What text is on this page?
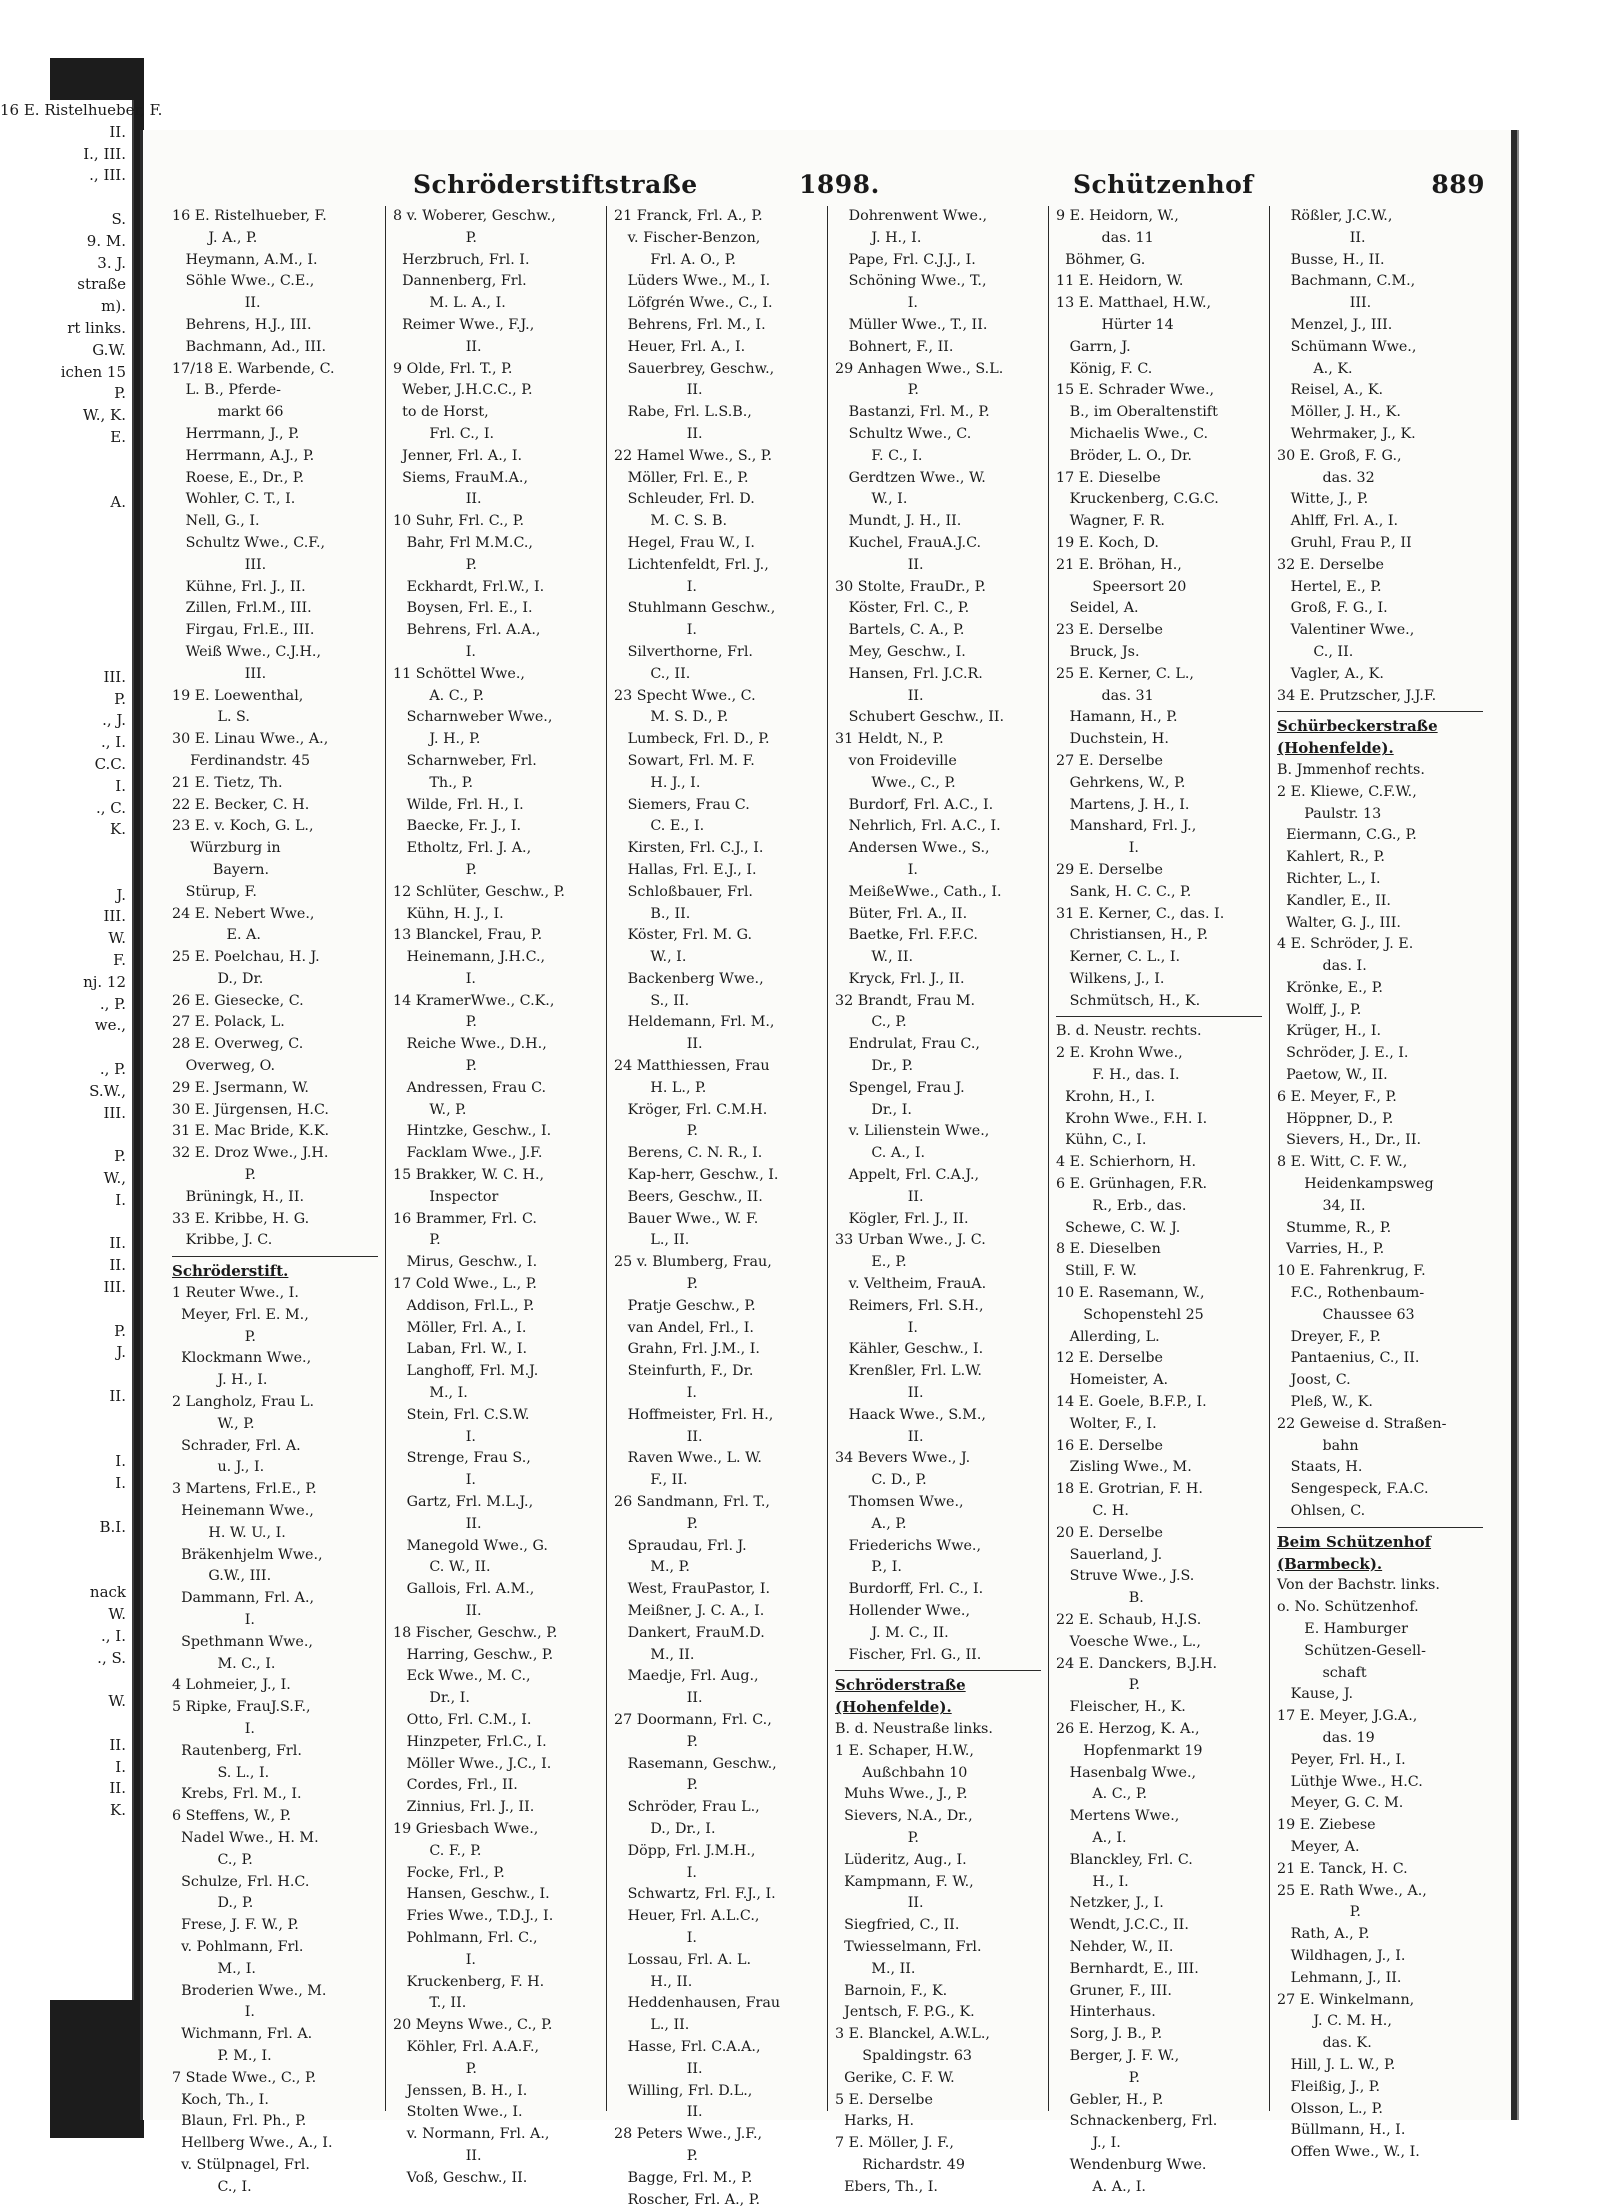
16 E. Ristelhueber, F.
II.
I., III.
., III.

S.
9. M.
3. J.
straße
m).
rt links.
G.W.
ichen 15
P.
W., K.
E.

A.

III.
P.
., J.
., I.
C.C.
I.
., C.
K.

J.
III.
W.
F.
nj. 12
., P.
we.,

., P.
S.W.,
III.

P.
W.,
I.

II.
II.
III.

P.
J.

II.

I.
I.

B.I.

nack
W.
., I.
., S.

W.

II.
I.
II.
K.
Schröderstiftstraße	1898.	Schützenhof	889
16 E. Ristelhueber, F.
J. A., P.
Heymann, A.M., I.
Söhle Wwe., C.E.,
II.
Behrens, H.J., III.
Bachmann, Ad., III.
17/18 E. Warbende, C.
L. B., Pferde-
markt 66
Herrmann, J., P.
Herrmann, A.J., P.
Roese, E., Dr., P.
Wohler, C. T., I.
Nell, G., I.
Schultz Wwe., C.F.,
III.
Kühne, Frl. J., II.
Zillen, Frl.M., III.
Firgau, Frl.E., III.
Weiß Wwe., C.J.H.,
III.
19 E. Loewenthal,
L. S.
30 E. Linau Wwe., A.,
Ferdinandstr. 45
21 E. Tietz, Th.
22 E. Becker, C. H.
23 E. v. Koch, G. L.,
Würzburg in
Bayern.
Stürup, F.
24 E. Nebert Wwe.,
E. A.
25 E. Poelchau, H. J.
D., Dr.
26 E. Giesecke, C.
27 E. Polack, L.
28 E. Overweg, C.
Overweg, O.
29 E. Jsermann, W.
30 E. Jürgensen, H.C.
31 E. Mac Bride, K.K.
32 E. Droz Wwe., J.H.
P.
Brüningk, H., II.
33 E. Kribbe, H. G.
Kribbe, J. C.
Schröderstift.
1 Reuter Wwe., I.
Meyer, Frl. E. M.,
P.
Klockmann Wwe.,
J. H., I.
2 Langholz, Frau L.
W., P.
Schrader, Frl. A.
u. J., I.
3 Martens, Frl.E., P.
Heinemann Wwe.,
H. W. U., I.
Bräkenhjelm Wwe.,
G.W., III.
Dammann, Frl. A.,
I.
Spethmann Wwe.,
M. C., I.
4 Lohmeier, J., I.
5 Ripke, FrauJ.S.F.,
I.
Rautenberg, Frl.
S. L., I.
Krebs, Frl. M., I.
6 Steffens, W., P.
Nadel Wwe., H. M.
C., P.
Schulze, Frl. H.C.
D., P.
Frese, J. F. W., P.
v. Pohlmann, Frl.
M., I.
Broderien Wwe., M.
I.
Wichmann, Frl. A.
P. M., I.
7 Stade Wwe., C., P.
Koch, Th., I.
Blaun, Frl. Ph., P.
Hellberg Wwe., A., I.
v. Stülpnagel, Frl.
C., I.
8 v. Woberer, Geschw.,
P.
Herzbruch, Frl. I.
Dannenberg, Frl.
M. L. A., I.
Reimer Wwe., F.J.,
II.
9 Olde, Frl. T., P.
Weber, J.H.C.C., P.
to de Horst,
Frl. C., I.
Jenner, Frl. A., I.
Siems, FrauM.A.,
II.
10 Suhr, Frl. C., P.
Bahr, Frl M.M.C.,
P.
Eckhardt, Frl.W., I.
Boysen, Frl. E., I.
Behrens, Frl. A.A.,
I.
11 Schöttel Wwe.,
A. C., P.
Scharnweber Wwe.,
J. H., P.
Scharnweber, Frl.
Th., P.
Wilde, Frl. H., I.
Baecke, Fr. J., I.
Etholtz, Frl. J. A.,
P.
12 Schlüter, Geschw., P.
Kühn, H. J., I.
13 Blanckel, Frau, P.
Heinemann, J.H.C.,
I.
14 KramerWwe., C.K.,
P.
Reiche Wwe., D.H.,
P.
Andressen, Frau C.
W., P.
Hintzke, Geschw., I.
Facklam Wwe., J.F.
15 Brakker, W. C. H.,
Inspector
16 Brammer, Frl. C.
P.
Mirus, Geschw., I.
17 Cold Wwe., L., P.
Addison, Frl.L., P.
Möller, Frl. A., I.
Laban, Frl. W., I.
Langhoff, Frl. M.J.
M., I.
Stein, Frl. C.S.W.
I.
Strenge, Frau S.,
I.
Gartz, Frl. M.L.J.,
II.
Manegold Wwe., G.
C. W., II.
Gallois, Frl. A.M.,
II.
18 Fischer, Geschw., P.
Harring, Geschw., P.
Eck Wwe., M. C.,
Dr., I.
Otto, Frl. C.M., I.
Hinzpeter, Frl.C., I.
Möller Wwe., J.C., I.
Cordes, Frl., II.
Zinnius, Frl. J., II.
19 Griesbach Wwe.,
C. F., P.
Focke, Frl., P.
Hansen, Geschw., I.
Fries Wwe., T.D.J., I.
Pohlmann, Frl. C.,
I.
Kruckenberg, F. H.
T., II.
20 Meyns Wwe., C., P.
Köhler, Frl. A.A.F.,
P.
Jenssen, B. H., I.
Stolten Wwe., I.
v. Normann, Frl. A.,
II.
Voß, Geschw., II.
21 Franck, Frl. A., P.
v. Fischer-Benzon,
Frl. A. O., P.
Lüders Wwe., M., I.
Löfgrén Wwe., C., I.
Behrens, Frl. M., I.
Heuer, Frl. A., I.
Sauerbrey, Geschw.,
II.
Rabe, Frl. L.S.B.,
II.
22 Hamel Wwe., S., P.
Möller, Frl. E., P.
Schleuder, Frl. D.
M. C. S. B.
Hegel, Frau W., I.
Lichtenfeldt, Frl. J.,
I.
Stuhlmann Geschw.,
I.
Silverthorne, Frl.
C., II.
23 Specht Wwe., C.
M. S. D., P.
Lumbeck, Frl. D., P.
Sowart, Frl. M. F.
H. J., I.
Siemers, Frau C.
C. E., I.
Kirsten, Frl. C.J., I.
Hallas, Frl. E.J., I.
Schloßbauer, Frl.
B., II.
Köster, Frl. M. G.
W., I.
Backenberg Wwe.,
S., II.
Heldemann, Frl. M.,
II.
24 Matthiessen, Frau
H. L., P.
Kröger, Frl. C.M.H.
P.
Berens, C. N. R., I.
Kap-herr, Geschw., I.
Beers, Geschw., II.
Bauer Wwe., W. F.
L., II.
25 v. Blumberg, Frau,
P.
Pratje Geschw., P.
van Andel, Frl., I.
Grahn, Frl. J.M., I.
Steinfurth, F., Dr.
I.
Hoffmeister, Frl. H.,
II.
Raven Wwe., L. W.
F., II.
26 Sandmann, Frl. T.,
P.
Spraudau, Frl. J.
M., P.
West, FrauPastor, I.
Meißner, J. C. A., I.
Dankert, FrauM.D.
M., II.
Maedje, Frl. Aug.,
II.
27 Doormann, Frl. C.,
P.
Rasemann, Geschw.,
P.
Schröder, Frau L.,
D., Dr., I.
Döpp, Frl. J.M.H.,
I.
Schwartz, Frl. F.J., I.
Heuer, Frl. A.L.C.,
I.
Lossau, Frl. A. L.
H., II.
Heddenhausen, Frau
L., II.
Hasse, Frl. C.A.A.,
II.
Willing, Frl. D.L.,
II.
28 Peters Wwe., J.F.,
P.
Bagge, Frl. M., P.
Roscher, Frl. A., P.
Dohrenwent Wwe.,
J. H., I.
Pape, Frl. C.J.J., I.
Schöning Wwe., T.,
I.
Müller Wwe., T., II.
Bohnert, F., II.
29 Anhagen Wwe., S.L.
P.
Bastanzi, Frl. M., P.
Schultz Wwe., C.
F. C., I.
Gerdtzen Wwe., W.
W., I.
Mundt, J. H., II.
Kuchel, FrauA.J.C.
II.
30 Stolte, FrauDr., P.
Köster, Frl. C., P.
Bartels, C. A., P.
Mey, Geschw., I.
Hansen, Frl. J.C.R.
II.
Schubert Geschw., II.
31 Heldt, N., P.
von Froideville
Wwe., C., P.
Burdorf, Frl. A.C., I.
Nehrlich, Frl. A.C., I.
Andersen Wwe., S.,
I.
MeißeWwe., Cath., I.
Büter, Frl. A., II.
Baetke, Frl. F.F.C.
W., II.
Kryck, Frl. J., II.
32 Brandt, Frau M.
C., P.
Endrulat, Frau C.,
Dr., P.
Spengel, Frau J.
Dr., I.
v. Lilienstein Wwe.,
C. A., I.
Appelt, Frl. C.A.J.,
II.
Kögler, Frl. J., II.
33 Urban Wwe., J. C.
E., P.
v. Veltheim, FrauA.
Reimers, Frl. S.H.,
I.
Kähler, Geschw., I.
Krenßler, Frl. L.W.
II.
Haack Wwe., S.M.,
II.
34 Bevers Wwe., J.
C. D., P.
Thomsen Wwe.,
A., P.
Friederichs Wwe.,
P., I.
Burdorff, Frl. C., I.
Hollender Wwe.,
J. M. C., II.
Fischer, Frl. G., II.
Schröderstraße
(Hohenfelde).
B. d. Neustraße links.
1 E. Schaper, H.W.,
Außchbahn 10
Muhs Wwe., J., P.
Sievers, N.A., Dr.,
P.
Lüderitz, Aug., I.
Kampmann, F. W.,
II.
Siegfried, C., II.
Twiesselmann, Frl.
M., II.
Barnoin, F., K.
Jentsch, F. P.G., K.
3 E. Blanckel, A.W.L.,
Spaldingstr. 63
Gerike, C. F. W.
5 E. Derselbe
Harks, H.
7 E. Möller, J. F.,
Richardstr. 49
Ebers, Th., I.
9 E. Heidorn, W.,
das. 11
Böhmer, G.
11 E. Heidorn, W.
13 E. Matthael, H.W.,
Hürter 14
Garrn, J.
König, F. C.
15 E. Schrader Wwe.,
B., im Oberaltenstift
Michaelis Wwe., C.
Bröder, L. O., Dr.
17 E. Dieselbe
Kruckenberg, C.G.C.
Wagner, F. R.
19 E. Koch, D.
21 E. Bröhan, H.,
Speersort 20
Seidel, A.
23 E. Derselbe
Bruck, Js.
25 E. Kerner, C. L.,
das. 31
Hamann, H., P.
Duchstein, H.
27 E. Derselbe
Gehrkens, W., P.
Martens, J. H., I.
Manshard, Frl. J.,
I.
29 E. Derselbe
Sank, H. C. C., P.
31 E. Kerner, C., das. I.
Christiansen, H., P.
Kerner, C. L., I.
Wilkens, J., I.
Schmütsch, H., K.
B. d. Neustr. rechts.
2 E. Krohn Wwe.,
F. H., das. I.
Krohn, H., I.
Krohn Wwe., F.H. I.
Kühn, C., I.
4 E. Schierhorn, H.
6 E. Grünhagen, F.R.
R., Erb., das.
Schewe, C. W. J.
8 E. Dieselben
Still, F. W.
10 E. Rasemann, W.,
Schopenstehl 25
Allerding, L.
12 E. Derselbe
Homeister, A.
14 E. Goele, B.F.P., I.
Wolter, F., I.
16 E. Derselbe
Zisling Wwe., M.
18 E. Grotrian, F. H.
C. H.
20 E. Derselbe
Sauerland, J.
Struve Wwe., J.S.
B.
22 E. Schaub, H.J.S.
Voesche Wwe., L.,
24 E. Danckers, B.J.H.
P.
Fleischer, H., K.
26 E. Herzog, K. A.,
Hopfenmarkt 19
Hasenbalg Wwe.,
A. C., P.
Mertens Wwe.,
A., I.
Blanckley, Frl. C.
H., I.
Netzker, J., I.
Wendt, J.C.C., II.
Nehder, W., II.
Bernhardt, E., III.
Gruner, F., III.
Hinterhaus.
Sorg, J. B., P.
Berger, J. F. W.,
P.
Gebler, H., P.
Schnackenberg, Frl.
J., I.
Wendenburg Wwe.
A. A., I.
Rößler, J.C.W.,
II.
Busse, H., II.
Bachmann, C.M.,
III.
Menzel, J., III.
Schümann Wwe.,
A., K.
Reisel, A., K.
Möller, J. H., K.
Wehrmaker, J., K.
30 E. Groß, F. G.,
das. 32
Witte, J., P.
Ahlff, Frl. A., I.
Gruhl, Frau P., II
32 E. Derselbe
Hertel, E., P.
Groß, F. G., I.
Valentiner Wwe.,
C., II.
Vagler, A., K.
34 E. Prutzscher, J.J.F.
Schürbeckerstraße
(Hohenfelde).
B. Jmmenhof rechts.
2 E. Kliewe, C.F.W.,
Paulstr. 13
Eiermann, C.G., P.
Kahlert, R., P.
Richter, L., I.
Kandler, E., II.
Walter, G. J., III.
4 E. Schröder, J. E.
das. I.
Krönke, E., P.
Wolff, J., P.
Krüger, H., I.
Schröder, J. E., I.
Paetow, W., II.
6 E. Meyer, F., P.
Höppner, D., P.
Sievers, H., Dr., II.
8 E. Witt, C. F. W.,
Heidenkampsweg
34, II.
Stumme, R., P.
Varries, H., P.
10 E. Fahrenkrug, F.
F.C., Rothenbaum-
Chaussee 63
Dreyer, F., P.
Pantaenius, C., II.
Joost, C.
Pleß, W., K.
22 Geweise d. Straßen-
bahn
Staats, H.
Sengespeck, F.A.C.
Ohlsen, C.
Beim Schützenhof
(Barmbeck).
Von der Bachstr. links.
o. No. Schützenhof.
E. Hamburger
Schützen-Gesell-
schaft
Kause, J.
17 E. Meyer, J.G.A.,
das. 19
Peyer, Frl. H., I.
Lüthje Wwe., H.C.
Meyer, G. C. M.
19 E. Ziebese
Meyer, A.
21 E. Tanck, H. C.
25 E. Rath Wwe., A.,
P.
Rath, A., P.
Wildhagen, J., I.
Lehmann, J., II.
27 E. Winkelmann,
J. C. M. H.,
das. K.
Hill, J. L. W., P.
Fleißig, J., P.
Olsson, L., P.
Büllmann, H., I.
Offen Wwe., W., I.
